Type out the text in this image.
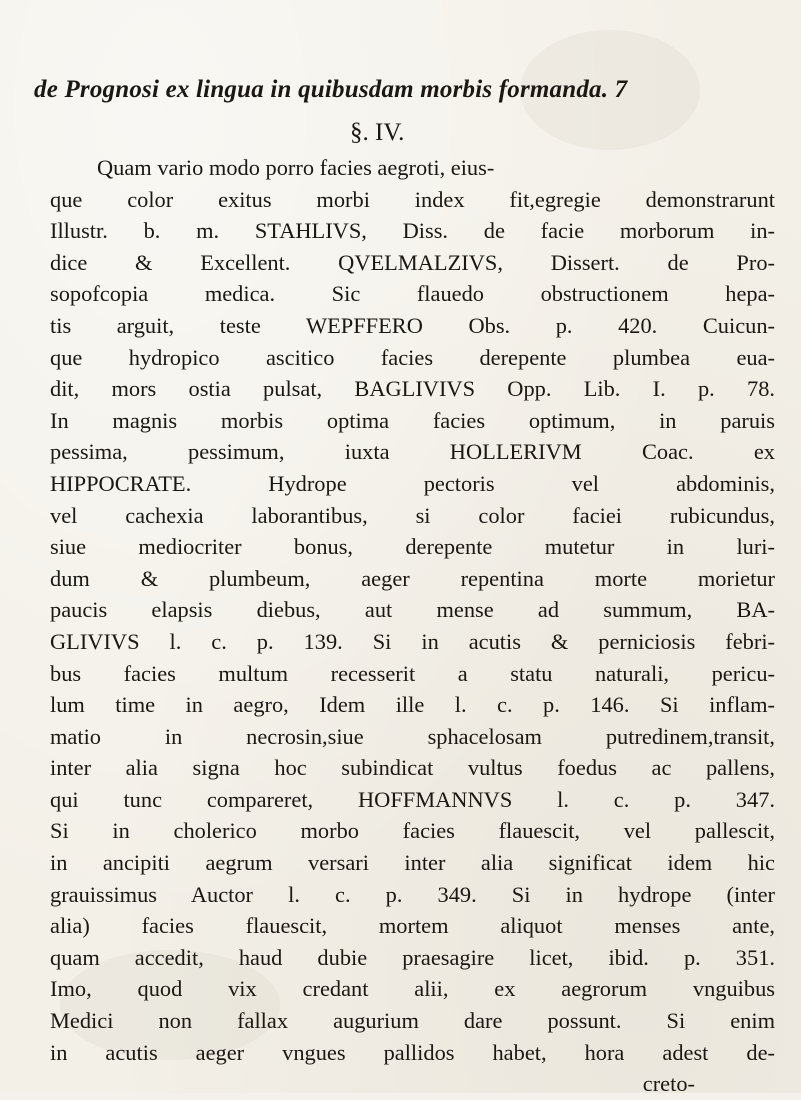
de Prognosi ex lingua in quibusdam morbis formanda. 7
§. IV.
Quam vario modo porro facies aegroti, eius-
que color exitus morbi index fit,egregie demonstrarunt
Illustr. b. m. STAHLIVS, Diss. de facie morborum in-
dice & Excellent. QVELMALZIVS, Dissert. de Pro-
sopofcopia medica. Sic flauedo obstructionem hepa-
tis arguit, teste WEPFFERO Obs. p. 420. Cuicun-
que hydropico ascitico facies derepente plumbea eua-
dit, mors ostia pulsat, BAGLIVIVS Opp. Lib. I. p. 78.
In magnis morbis optima facies optimum, in paruis
pessima, pessimum, iuxta HOLLERIVM Coac. ex
HIPPOCRATE. Hydrope pectoris vel abdominis,
vel cachexia laborantibus, si color faciei rubicundus,
siue mediocriter bonus, derepente mutetur in luri-
dum & plumbeum, aeger repentina morte morietur
paucis elapsis diebus, aut mense ad summum, BA-
GLIVIVS l. c. p. 139. Si in acutis & perniciosis febri-
bus facies multum recesserit a statu naturali, pericu-
lum time in aegro, Idem ille l. c. p. 146. Si inflam-
matio in necrosin,siue sphacelosam putredinem,transit,
inter alia signa hoc subindicat vultus foedus ac pallens,
qui tunc compareret, HOFFMANNVS l. c. p. 347.
Si in cholerico morbo facies flauescit, vel pallescit,
in ancipiti aegrum versari inter alia significat idem hic
grauissimus Auctor l. c. p. 349. Si in hydrope (inter
alia) facies flauescit, mortem aliquot menses ante,
quam accedit, haud dubie praesagire licet, ibid. p. 351.
Imo, quod vix credant alii, ex aegrorum vnguibus
Medici non fallax augurium dare possunt. Si enim
in acutis aeger vngues pallidos habet, hora adest de-
creto-
